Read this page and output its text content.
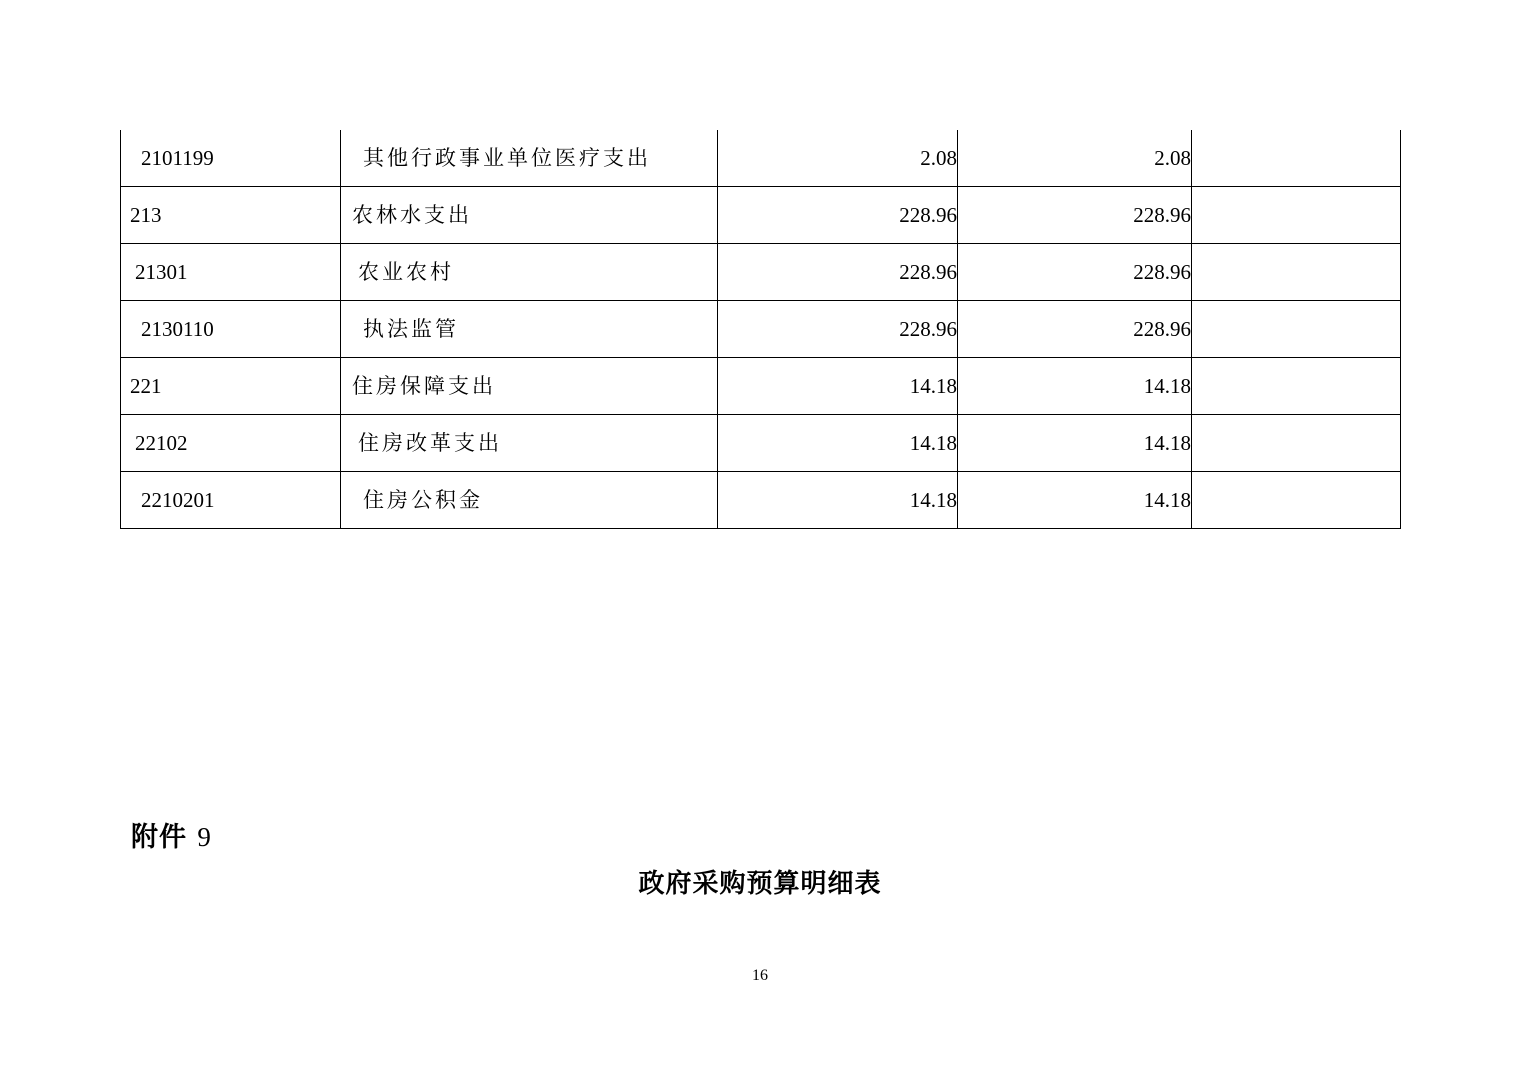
2101199	其他行政事业单位医疗支出	2.08	2.08	
213	农林水支出	228.96	228.96	
21301	农业农村	228.96	228.96	
2130110	执法监管	228.96	228.96	
221	住房保障支出	14.18	14.18	
22102	住房改革支出	14.18	14.18	
2210201	住房公积金	14.18	14.18	
附件 9
政府采购预算明细表
16
